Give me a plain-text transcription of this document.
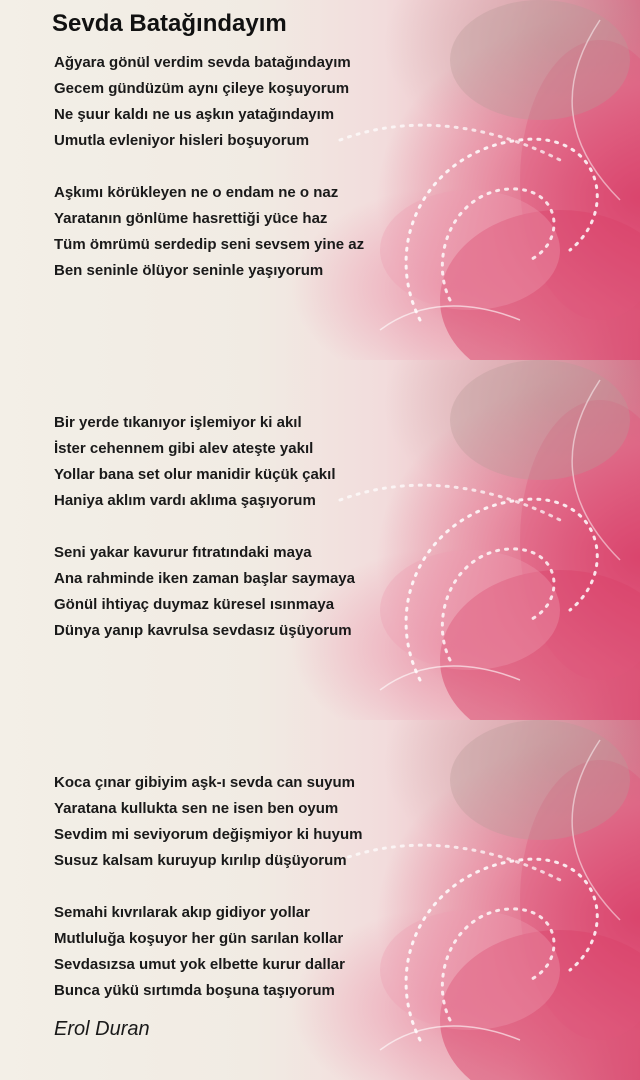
Sevda Batağındayım
Ağyara gönül verdim sevda batağındayım
Gecem gündüzüm aynı çileye koşuyorum
Ne şuur kaldı ne us aşkın yatağındayım
Umutla evleniyor hisleri boşuyorum
Aşkımı körükleyen ne o endam ne o naz
Yaratanın gönlüme hasrettiği yüce haz
Tüm ömrümü serdedip seni sevsem yine az
Ben seninle ölüyor seninle yaşıyorum
Bir yerde tıkanıyor işlemiyor ki akıl
İster cehennem gibi alev ateşte yakıl
Yollar bana set olur manidir küçük çakıl
Haniya aklım vardı aklıma şaşıyorum
Seni yakar kavurur fıtratındaki maya
Ana rahminde iken zaman başlar saymaya
Gönül ihtiyaç duymaz küresel ısınmaya
Dünya yanıp kavrulsa sevdasız üşüyorum
Koca çınar gibiyim aşk-ı sevda can suyum
Yaratana kullukta sen ne isen ben oyum
Sevdim mi seviyorum değişmiyor ki huyum
Susuz kalsam kuruyup kırılıp düşüyorum
Semahi kıvrılarak akıp gidiyor yollar
Mutluluğa koşuyor her gün sarılan kollar
Sevdasızsa umut yok elbette kurur dallar
Bunca yükü sırtımda boşuna taşıyorum
Erol Duran
